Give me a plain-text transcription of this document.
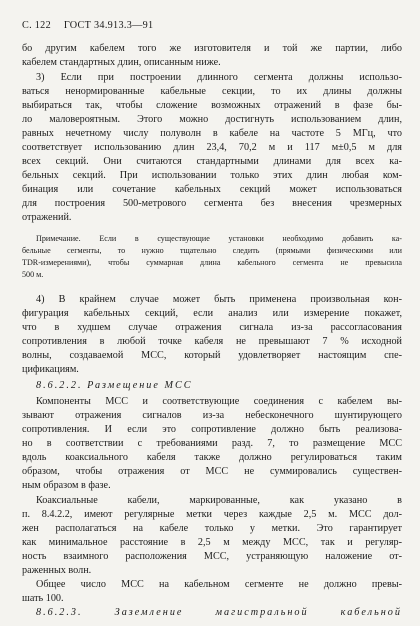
С. 122 ГОСТ 34.913.3—91
бо другим кабелем того же изготовителя и той же партии, либо
кабелем стандартных длин, описанным ниже.
3) Если при построении длинного сегмента должны использо-
ваться ненормированные кабельные секции, то их длины должны
выбираться так, чтобы сложение возможных отражений в фазе бы-
ло маловероятным. Этого можно достигнуть использованием длин,
равных нечетному числу полуволн в кабеле на частоте 5 МГц, что
соответствует использованию длин 23,4, 70,2 м и 117 м±0,5 м для
всех секций. Они считаются стандартными длинами для всех ка-
бельных секций. При использовании только этих длин любая ком-
бинация или сочетание кабельных секций может использоваться
для построения 500-метрового сегмента без внесения чрезмерных
отражений.
Примечание. Если в существующие установки необходимо добавить ка-
бельные сегменты, то нужно тщательно следить (прямыми физическими или
TDR-измерениями), чтобы суммарная длина кабельного сегмента не превысила
500 м.
4) В крайнем случае может быть применена произвольная кон-
фигурация кабельных секций, если анализ или измерение покажет,
что в худшем случае отражения сигнала из-за рассогласования
сопротивления в любой точке кабеля не превышают 7 % исходной
волны, создаваемой МСС, который удовлетворяет настоящим спе-
цификациям.
8.6.2.2. Размещение МСС
Компоненты МСС и соответствующие соединения с кабелем вы-
зывают отражения сигналов из-за небесконечного шунтирующего
сопротивления. И если это сопротивление должно быть реализова-
но в соответствии с требованиями разд. 7, то размещение МСС
вдоль коаксиального кабеля также должно регулироваться таким
образом, чтобы отражения от МСС не суммировались существен-
ным образом в фазе.
Коаксиальные кабели, маркированные, как указано в
п. 8.4.2.2, имеют регулярные метки через каждые 2,5 м. МСС дол-
жен располагаться на кабеле только у метки. Это гарантирует
как минимальное расстояние в 2,5 м между МСС, так и регуляр-
ность взаимного расположения МСС, устраняющую наложение от-
раженных волн.
Общее число МСС на кабельном сегменте не должно превы-
шать 100.
8.6.2.3. Заземление магистральной кабельной
